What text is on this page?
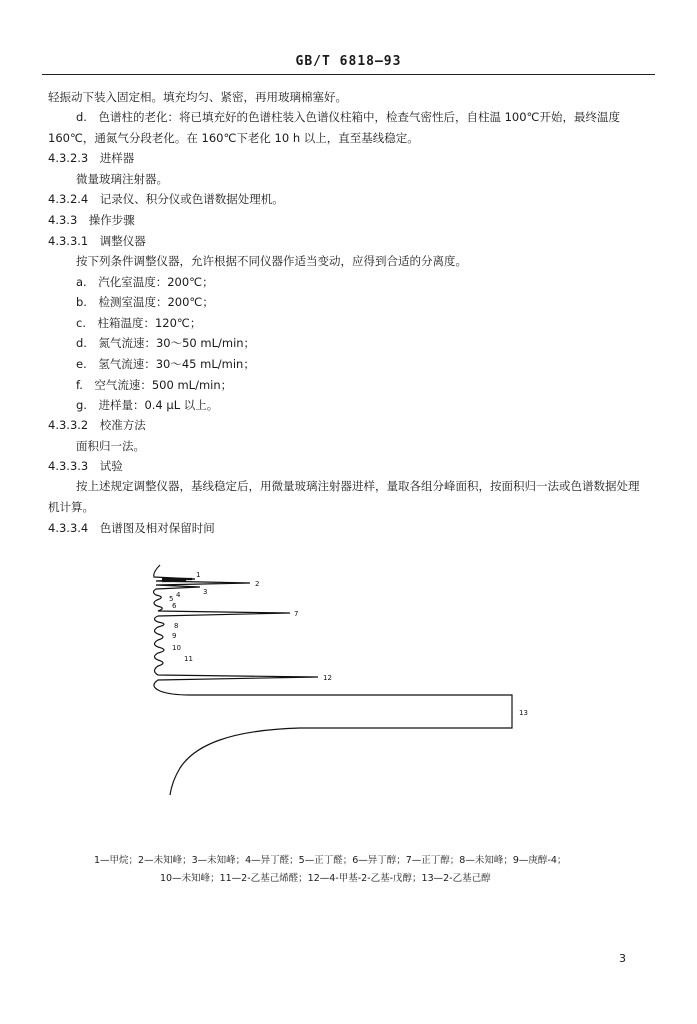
GB/T 6818—93
轻振动下装入固定相。填充均匀、紧密，再用玻璃棉塞好。
d.　色谱柱的老化：将已填充好的色谱柱装入色谱仪柱箱中，检查气密性后，自柱温 100℃开始，最终温度 160℃，通氮气分段老化。在 160℃下老化 10 h 以上，直至基线稳定。
4.3.2.3　进样器
微量玻璃注射器。
4.3.2.4　记录仪、积分仪或色谱数据处理机。
4.3.3　操作步骤
4.3.3.1　调整仪器
按下列条件调整仪器，允许根据不同仪器作适当变动，应得到合适的分离度。
a.　汽化室温度：200℃；
b.　检测室温度：200℃；
c.　柱箱温度：120℃；
d.　氮气流速：30～50 mL/min；
e.　氢气流速：30～45 mL/min；
f.　空气流速：500 mL/min；
g.　进样量：0.4 μL 以上。
4.3.3.2　校准方法
面积归一法。
4.3.3.3　试验
按上述规定调整仪器，基线稳定后，用微量玻璃注射器进样，量取各组分峰面积，按面积归一法或色谱数据处理机计算。
4.3.3.4　色谱图及相对保留时间
1
2
3
4
5
6
7
8
9
10
11
12
13
1—甲烷；2—未知峰；3—未知峰；4—异丁醛；5—正丁醛；6—异丁醇；7—正丁醇；8—未知峰；9—庚醇-4；
10—未知峰；11—2-乙基己烯醛；12—4-甲基-2-乙基-戊醇；13—2-乙基己醇
3
